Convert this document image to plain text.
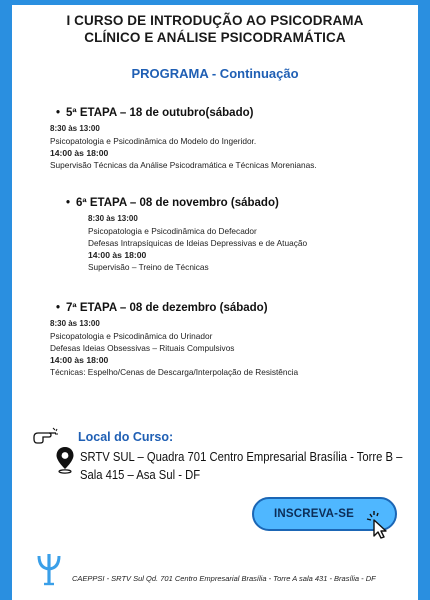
I CURSO DE INTRODUÇÃO AO PSICODRAMA
CLÍNICO E ANÁLISE PSICODRAMÁTICA
PROGRAMA - Continuação
• 5ª ETAPA – 18 de outubro(sábado)
8:30 às 13:00
Psicopatologia e Psicodinâmica do Modelo do Ingeridor.
14:00 às 18:00
Supervisão Técnicas da Análise Psicodramática e Técnicas Morenianas.
• 6ª ETAPA – 08 de novembro (sábado)
8:30 às 13:00
Psicopatologia e Psicodinâmica do Defecador
Defesas Intrapsíquicas de Ideias Depressivas e de Atuação
14:00 às 18:00
Supervisão – Treino de Técnicas
• 7ª ETAPA – 08 de dezembro (sábado)
8:30 às 13:00
Psicopatologia e Psicodinâmica do Urinador
Defesas Ideias Obsessivas – Rituais Compulsivos
14:00 às 18:00
Técnicas: Espelho/Cenas de Descarga/Interpolação de Resistência
Local do Curso:
SRTV SUL – Quadra 701 Centro Empresarial Brasília - Torre B –
Sala 415 – Asa Sul - DF
INSCREVA-SE
CAEPPSI - SRTV Sul Qd. 701 Centro Empresarial Brasília - Torre A sala 431 - Brasília - DF
